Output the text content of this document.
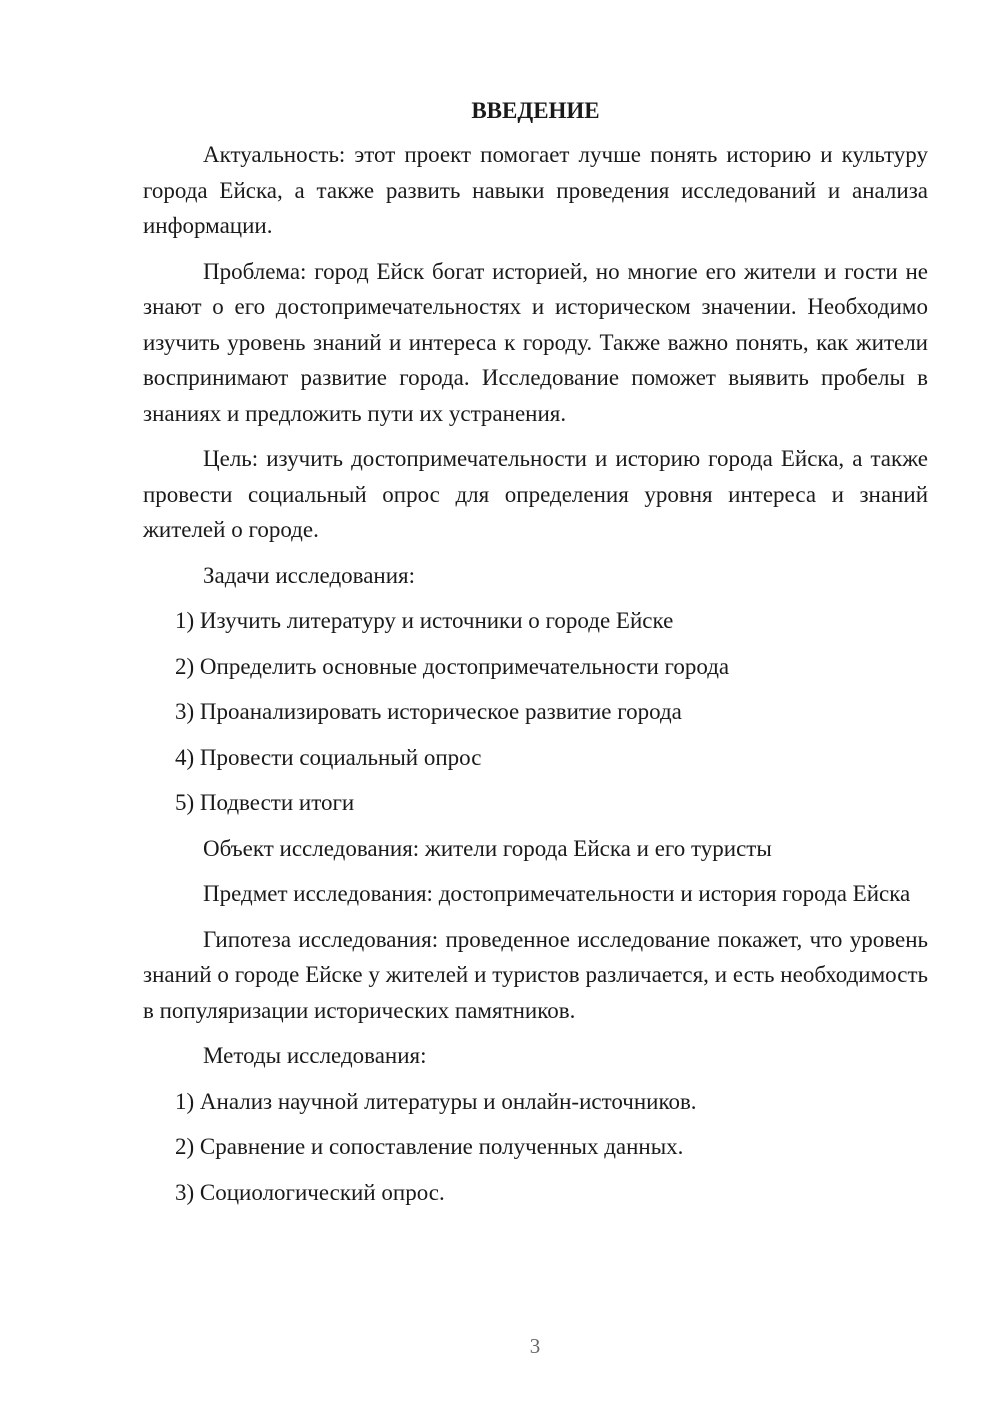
ВВЕДЕНИЕ

Актуальность: этот проект помогает лучше понять историю и культуру города Ейска, а также развить навыки проведения исследований и анализа информации.

Проблема: город Ейск богат историей, но многие его жители и гости не знают о его достопримечательностях и историческом значении. Необходимо изучить уровень знаний и интереса к городу. Также важно понять, как жители воспринимают развитие города. Исследование поможет выявить пробелы в знаниях и предложить пути их устранения.

Цель: изучить достопримечательности и историю города Ейска, а также провести социальный опрос для определения уровня интереса и знаний жителей о городе.

Задачи исследования:

1) Изучить литературу и источники о городе Ейске

2) Определить основные достопримечательности города

3) Проанализировать историческое развитие города

4) Провести социальный опрос

5) Подвести итоги

Объект исследования: жители города Ейска и его туристы

Предмет исследования: достопримечательности и история города Ейска

Гипотеза исследования: проведенное исследование покажет, что уровень знаний о городе Ейске у жителей и туристов различается, и есть необходимость в популяризации исторических памятников.

Методы исследования:

1) Анализ научной литературы и онлайн-источников.

2) Сравнение и сопоставление полученных данных.

3) Социологический опрос.

3
